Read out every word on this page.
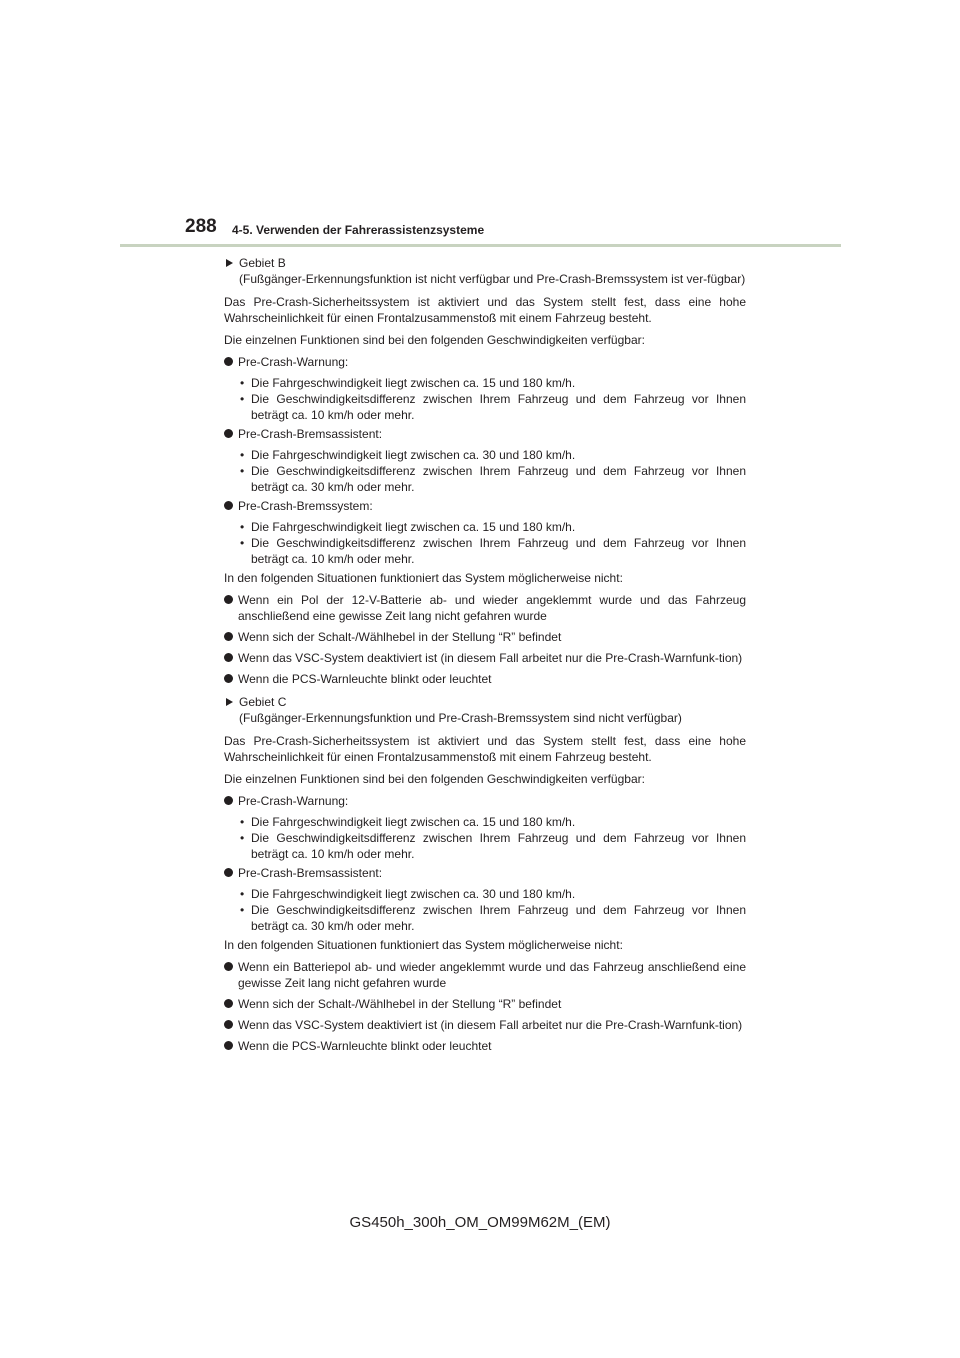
288 4-5. Verwenden der Fahrerassistenzsysteme
Gebiet B
(Fußgänger-Erkennungsfunktion ist nicht verfügbar und Pre-Crash-Bremssystem ist ver-fügbar)
Das Pre-Crash-Sicherheitssystem ist aktiviert und das System stellt fest, dass eine hohe Wahrscheinlichkeit für einen Frontalzusammenstoß mit einem Fahrzeug besteht.
Die einzelnen Funktionen sind bei den folgenden Geschwindigkeiten verfügbar:
Pre-Crash-Warnung:
• Die Fahrgeschwindigkeit liegt zwischen ca. 15 und 180 km/h.
• Die Geschwindigkeitsdifferenz zwischen Ihrem Fahrzeug und dem Fahrzeug vor Ihnen beträgt ca. 10 km/h oder mehr.
Pre-Crash-Bremsassistent:
• Die Fahrgeschwindigkeit liegt zwischen ca. 30 und 180 km/h.
• Die Geschwindigkeitsdifferenz zwischen Ihrem Fahrzeug und dem Fahrzeug vor Ihnen beträgt ca. 30 km/h oder mehr.
Pre-Crash-Bremssystem:
• Die Fahrgeschwindigkeit liegt zwischen ca. 15 und 180 km/h.
• Die Geschwindigkeitsdifferenz zwischen Ihrem Fahrzeug und dem Fahrzeug vor Ihnen beträgt ca. 10 km/h oder mehr.
In den folgenden Situationen funktioniert das System möglicherweise nicht:
Wenn ein Pol der 12-V-Batterie ab- und wieder angeklemmt wurde und das Fahrzeug anschließend eine gewisse Zeit lang nicht gefahren wurde
Wenn sich der Schalt-/Wählhebel in der Stellung “R” befindet
Wenn das VSC-System deaktiviert ist (in diesem Fall arbeitet nur die Pre-Crash-Warnfunk-tion)
Wenn die PCS-Warnleuchte blinkt oder leuchtet
Gebiet C
(Fußgänger-Erkennungsfunktion und Pre-Crash-Bremssystem sind nicht verfügbar)
Das Pre-Crash-Sicherheitssystem ist aktiviert und das System stellt fest, dass eine hohe Wahrscheinlichkeit für einen Frontalzusammenstoß mit einem Fahrzeug besteht.
Die einzelnen Funktionen sind bei den folgenden Geschwindigkeiten verfügbar:
Pre-Crash-Warnung:
• Die Fahrgeschwindigkeit liegt zwischen ca. 15 und 180 km/h.
• Die Geschwindigkeitsdifferenz zwischen Ihrem Fahrzeug und dem Fahrzeug vor Ihnen beträgt ca. 10 km/h oder mehr.
Pre-Crash-Bremsassistent:
• Die Fahrgeschwindigkeit liegt zwischen ca. 30 und 180 km/h.
• Die Geschwindigkeitsdifferenz zwischen Ihrem Fahrzeug und dem Fahrzeug vor Ihnen beträgt ca. 30 km/h oder mehr.
In den folgenden Situationen funktioniert das System möglicherweise nicht:
Wenn ein Batteriepol ab- und wieder angeklemmt wurde und das Fahrzeug anschließend eine gewisse Zeit lang nicht gefahren wurde
Wenn sich der Schalt-/Wählhebel in der Stellung “R” befindet
Wenn das VSC-System deaktiviert ist (in diesem Fall arbeitet nur die Pre-Crash-Warnfunk-tion)
Wenn die PCS-Warnleuchte blinkt oder leuchtet
GS450h_300h_OM_OM99M62M_(EM)
